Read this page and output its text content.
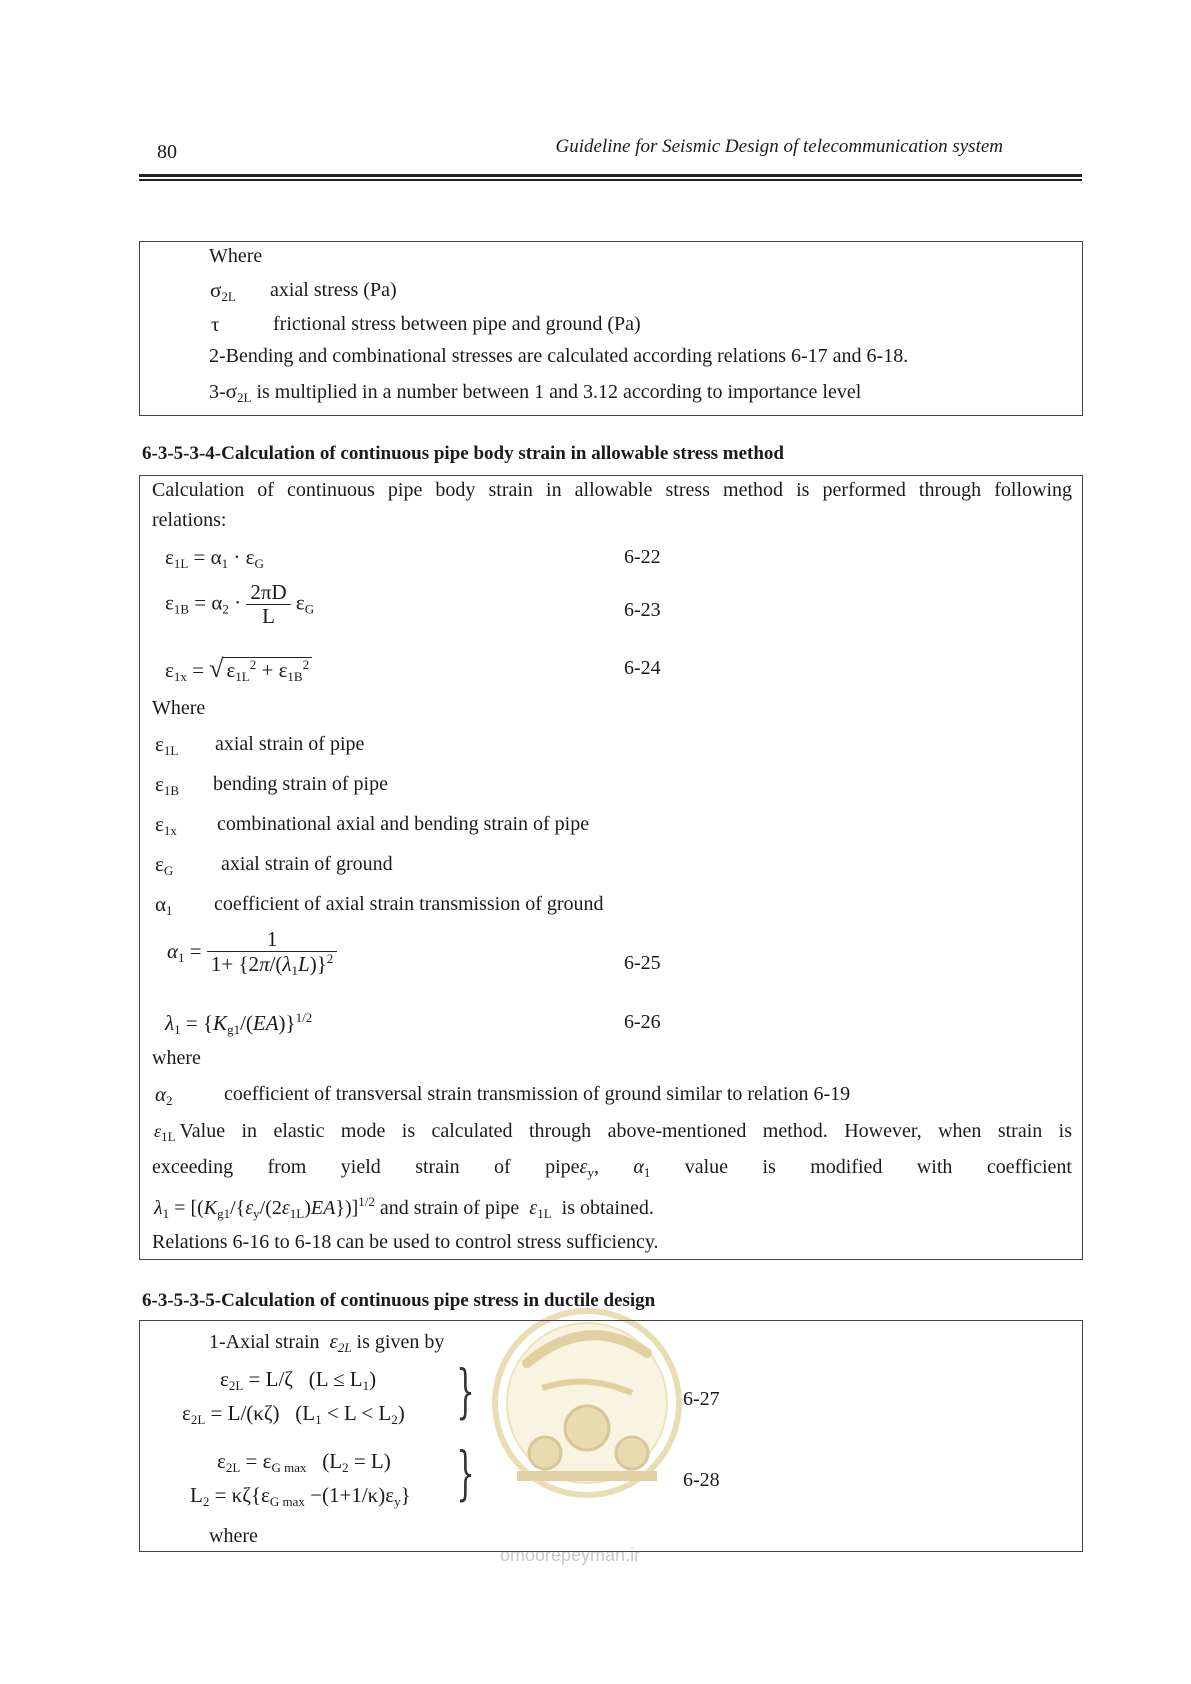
80	Guideline for Seismic Design of telecommunication system
Where
$\sigma_{2L}$ axial stress (Pa)
τ	frictional stress between pipe and ground (Pa)
2-Bending and combinational stresses are calculated according relations 6-17 and 6-18.
$3-\sigma_{2L}$ is multiplied in a number between 1 and 3.12 according to importance level
6-3-5-3-4-Calculation of continuous pipe body strain in allowable stress method
Calculation of continuous pipe body strain in allowable stress method is performed through following
relations:
$\varepsilon_{1L} = \alpha_1 \cdot \varepsilon_G$	6-22
$\varepsilon_{1B} = \alpha_2 \cdot \frac{2\pi D}{L} \varepsilon_G$	6-23
$\varepsilon_{1x}$ = √ $\varepsilon_{1L}^2 + \varepsilon_{1B}^2$	6-24
Where
$\varepsilon_{1L}$ axial strain of pipe
$\varepsilon_{1B}$ bending strain of pipe
$\varepsilon_{1x}$ combinational axial and bending strain of pipe
$\varepsilon_G$ axial strain of ground
$\alpha_1$ coefficient of axial strain transmission of ground
$\alpha_1 = \frac{1}{1+ \{2\pi/(\lambda_1L)\}^2}$	6-25
$\lambda_1 = \{K_{g1}/(EA)\}^{1/2}$	6-26
where
$\alpha_2$	coefficient of transversal strain transmission of ground similar to relation 6-19
$\varepsilon_{1L}$ Value in elastic mode is calculated through above-mentioned method. However, when strain is
exceeding from yield strain of pipeε$_y$, $\alpha_1$ value is modified with coefficient
$\lambda_1 = [(K_{g1}/\{\varepsilon_y/(2\varepsilon_{1L})EA\})]^{1/2}$ and strain of pipe $\varepsilon_{1L}$ is obtained.
Relations 6-16 to 6-18 can be used to control stress sufficiency.
6-3-5-3-5-Calculation of continuous pipe stress in ductile design
omoorepeyman.ir
1-Axial strain $\varepsilon_{2L}$ is given by
$\varepsilon_{2L} = L/\zeta$   $(L \le L_1)$
$\varepsilon_{2L} = L/(\kappa\zeta) (L_1 < L < L_2)$ }	6-27
$\varepsilon_{2L} = \varepsilon_{G max}$   $(L_2 = L)$
$L_2 = \kappa\zeta\{\varepsilon_{G max} -(1+1/\kappa)\varepsilon_y\}$ }	6-28
where
